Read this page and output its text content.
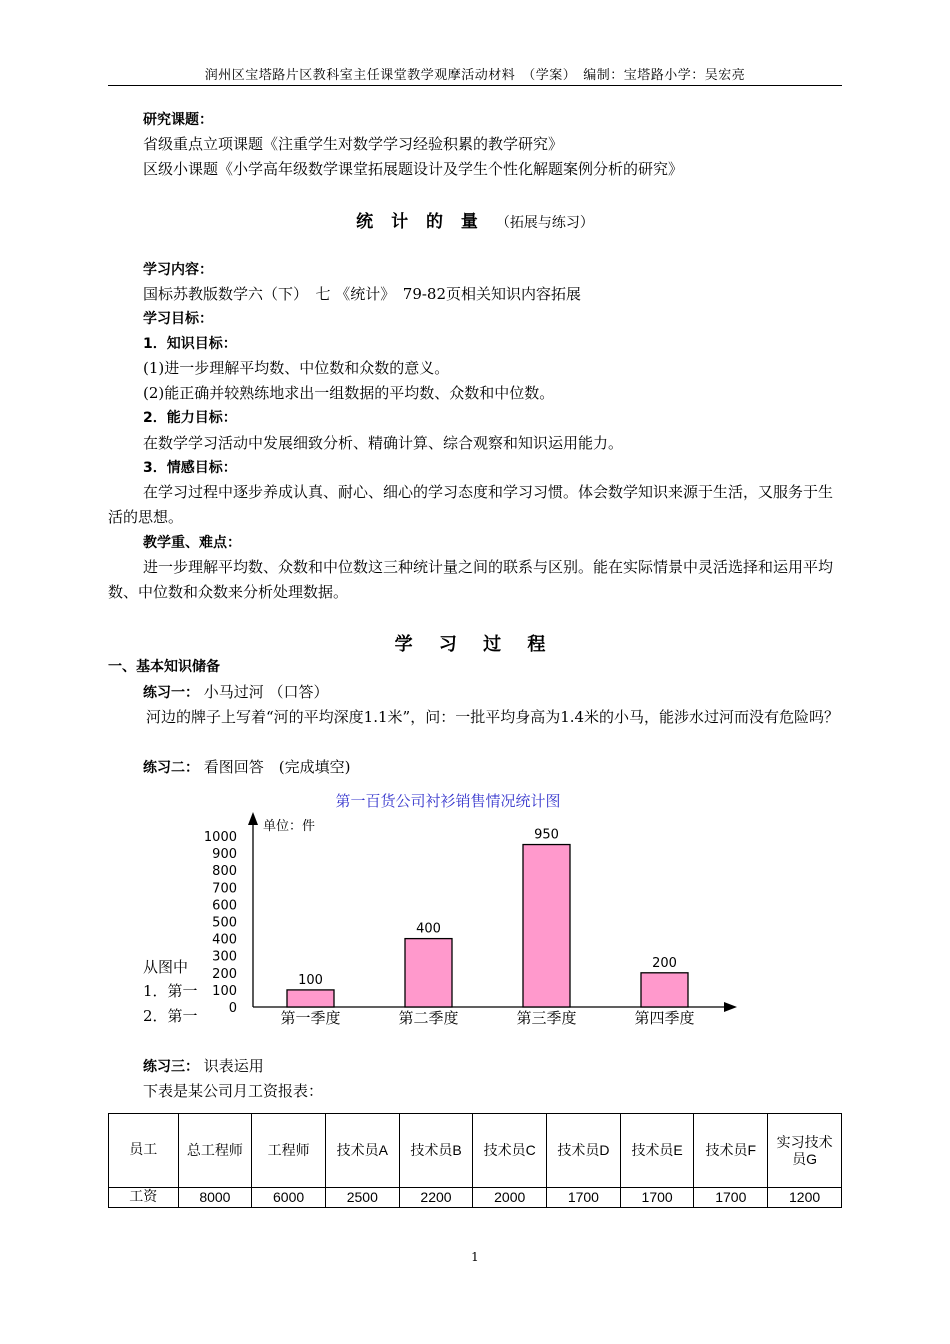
润州区宝塔路片区教科室主任课堂教学观摩活动材料　（学案）　编制：宝塔路小学：吴宏亮
研究课题：
省级重点立项课题《注重学生对数学学习经验积累的教学研究》
区级小课题《小学高年级数学课堂拓展题设计及学生个性化解题案例分析的研究》
统 计 的 量 （拓展与练习）
学习内容：
国标苏教版数学六（下）　七 《统计》　79-82页相关知识内容拓展
学习目标：
1．知识目标：
(1)进一步理解平均数、中位数和众数的意义。
(2)能正确并较熟练地求出一组数据的平均数、众数和中位数。
2．能力目标：
在数学学习活动中发展细致分析、精确计算、综合观察和知识运用能力。
3．情感目标：
在学习过程中逐步养成认真、耐心、细心的学习态度和学习习惯。体会数学知识来源于生活，又服务于生活的思想。
教学重、难点：
进一步理解平均数、众数和中位数这三种统计量之间的联系与区别。能在实际情景中灵活选择和运用平均数、中位数和众数来分析处理数据。
学 习 过 程
一、基本知识储备
练习一： 小马过河 （口答）
河边的牌子上写着“河的平均深度1.1米”，问：一批平均身高为1.4米的小马，能涉水过河而没有危险吗？
练习二： 看图回答　(完成填空)
从图中
1．第一
2．第一
第一百货公司衬衫销售情况统计图
单位：件
0
100
200
300
400
500
600
700
800
900
1000
100
第一季度
400
第二季度
950
第三季度
200
第四季度
练习三： 识表运用
下表是某公司月工资报表：
员工	总工程师	工程师	技术员A	技术员B	技术员C	技术员D	技术员E	技术员F	实习技术员G
工资	8000	6000	2500	2200	2000	1700	1700	1700	1200
1
